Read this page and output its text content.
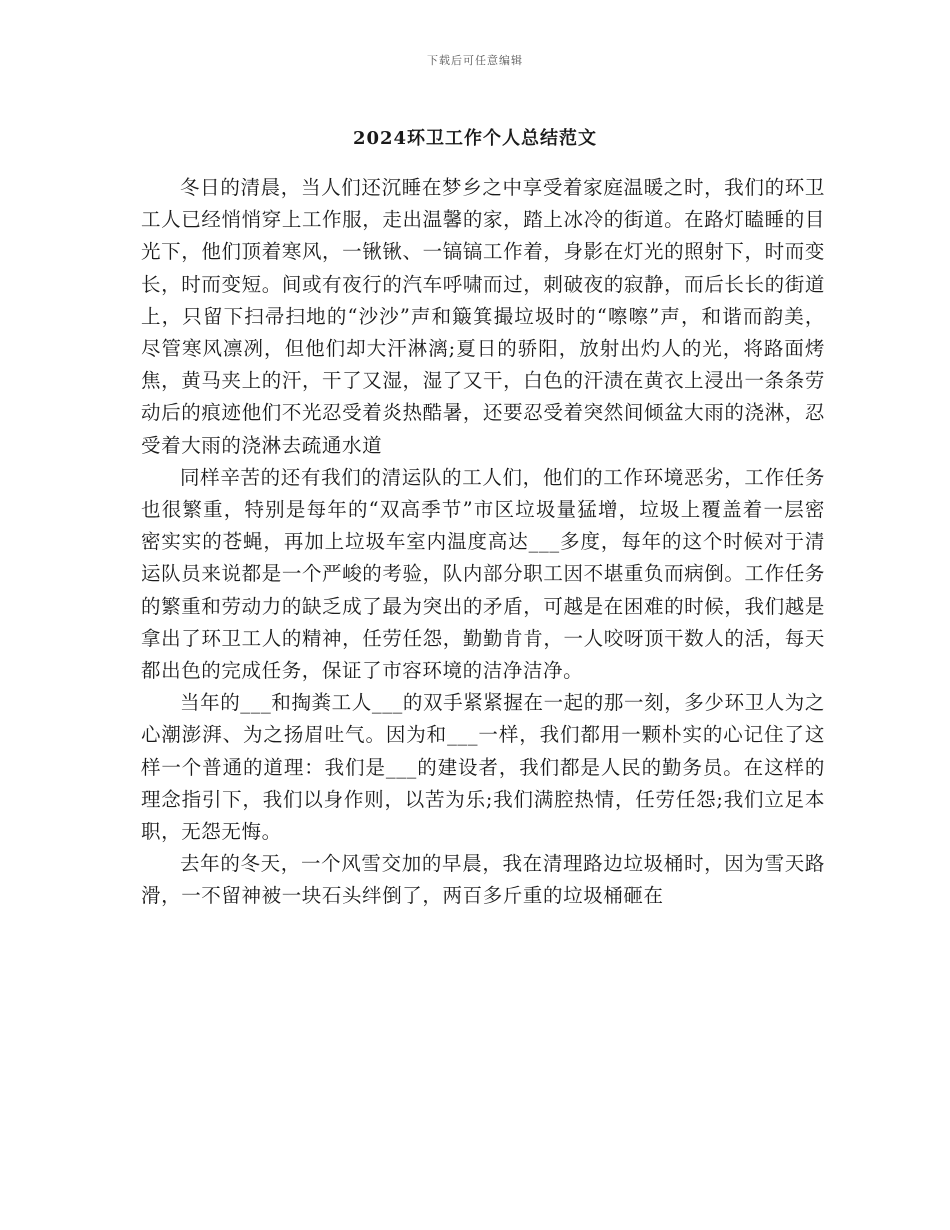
下载后可任意编辑
2024环卫工作个人总结范文

冬日的清晨，当人们还沉睡在梦乡之中享受着家庭温暖之时，我们的环卫工人已经悄悄穿上工作服，走出温馨的家，踏上冰冷的街道。在路灯瞌睡的目光下，他们顶着寒风，一锹锹、一镐镐工作着，身影在灯光的照射下，时而变长，时而变短。间或有夜行的汽车呼啸而过，刺破夜的寂静，而后长长的街道上，只留下扫帚扫地的“沙沙”声和簸箕撮垃圾时的“嚓嚓”声，和谐而韵美，尽管寒风凛冽，但他们却大汗淋漓;夏日的骄阳，放射出灼人的光，将路面烤焦，黄马夹上的汗，干了又湿，湿了又干，白色的汗渍在黄衣上浸出一条条劳动后的痕迹他们不光忍受着炎热酷暑，还要忍受着突然间倾盆大雨的浇淋，忍受着大雨的浇淋去疏通水道

同样辛苦的还有我们的清运队的工人们，他们的工作环境恶劣，工作任务也很繁重，特别是每年的“双高季节”市区垃圾量猛增，垃圾上覆盖着一层密密实实的苍蝇，再加上垃圾车室内温度高达___多度，每年的这个时候对于清运队员来说都是一个严峻的考验，队内部分职工因不堪重负而病倒。工作任务的繁重和劳动力的缺乏成了最为突出的矛盾，可越是在困难的时候，我们越是拿出了环卫工人的精神，任劳任怨，勤勤肯肯，一人咬呀顶干数人的活，每天都出色的完成任务，保证了市容环境的洁净洁净。

当年的___和掏粪工人___的双手紧紧握在一起的那一刻，多少环卫人为之心潮澎湃、为之扬眉吐气。因为和___一样，我们都用一颗朴实的心记住了这样一个普通的道理：我们是___的建设者，我们都是人民的勤务员。在这样的理念指引下，我们以身作则，以苦为乐;我们满腔热情，任劳任怨;我们立足本职，无怨无悔。

去年的冬天，一个风雪交加的早晨，我在清理路边垃圾桶时，因为雪天路滑，一不留神被一块石头绊倒了，两百多斤重的垃圾桶砸在
